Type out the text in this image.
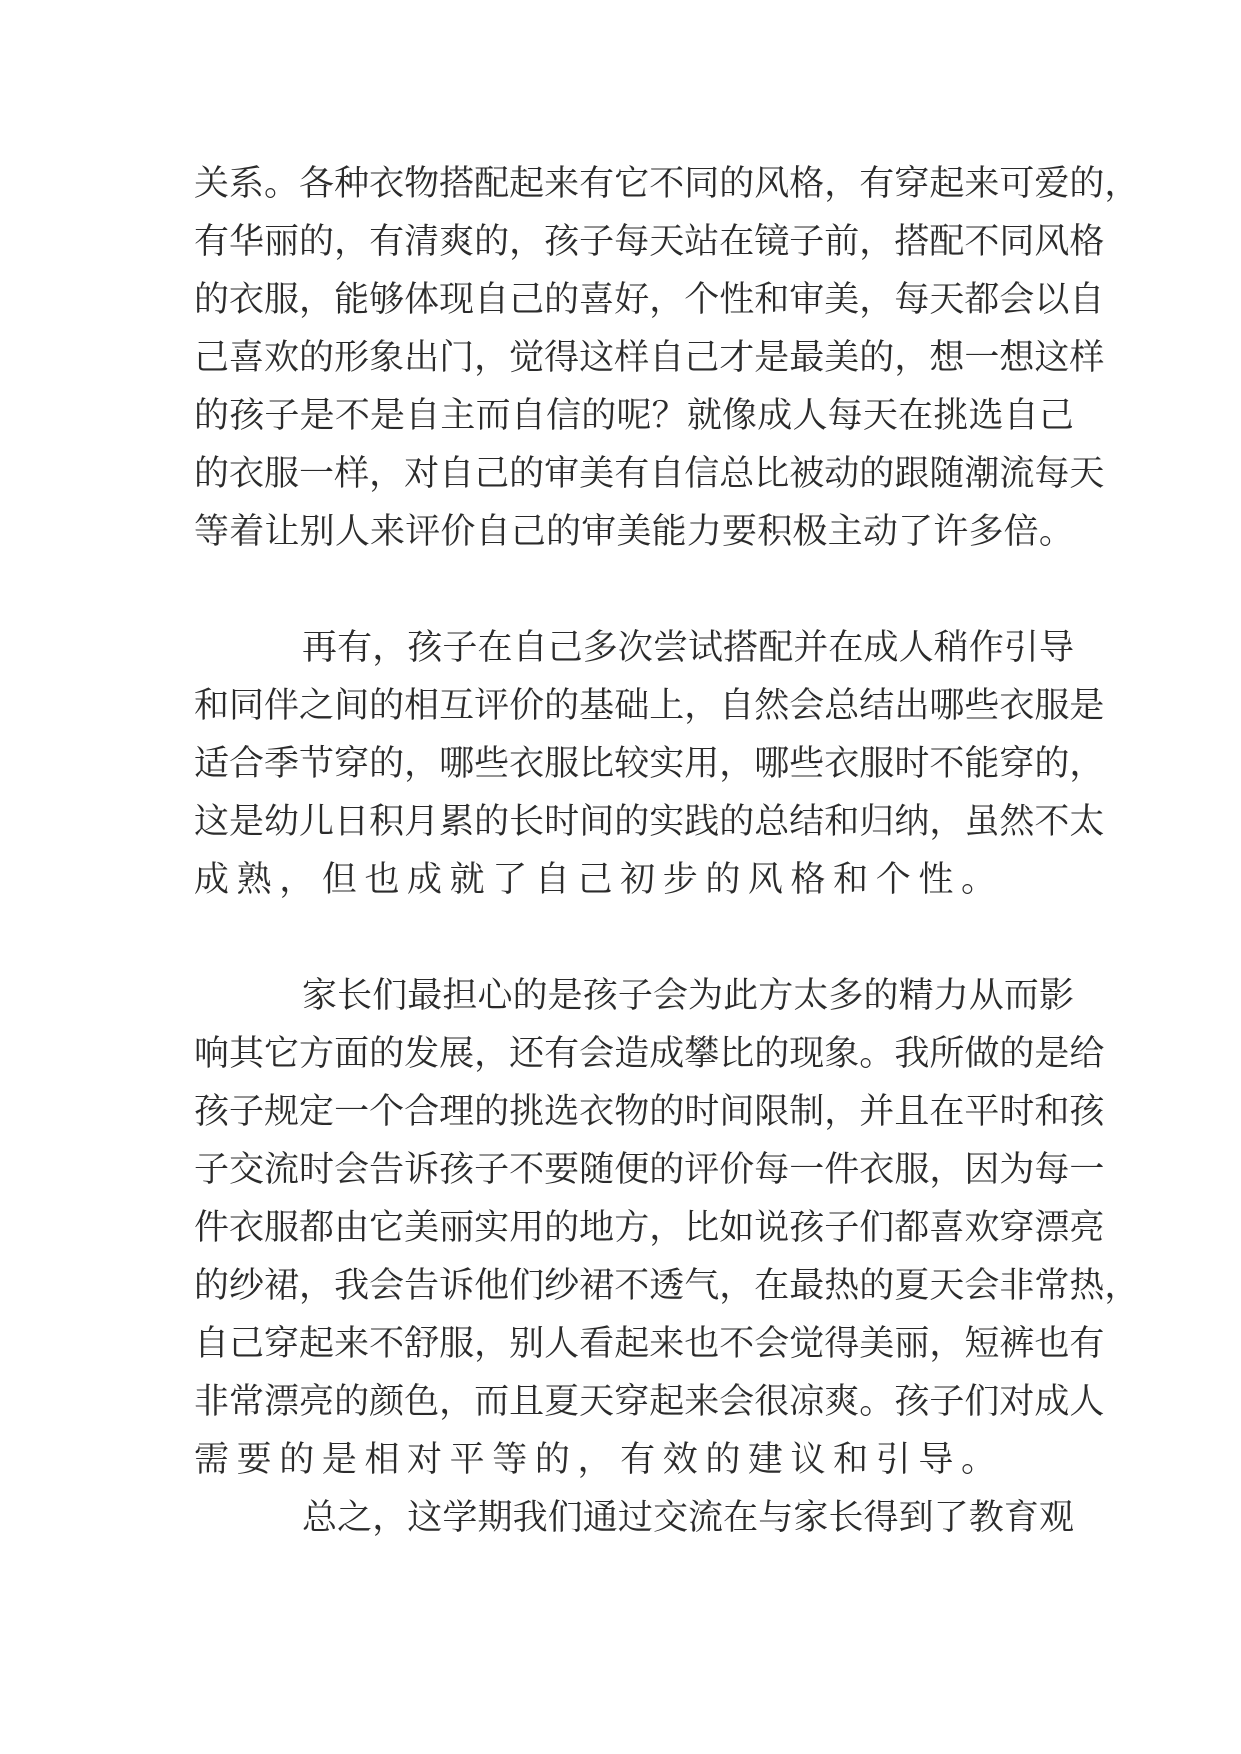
关 系 。 各 种 衣 物 搭 配 起 来 有 它 不 同 的 风 格 ， 有 穿 起 来 可 爱 的 ，
有 华 丽 的 ， 有 清 爽 的 ， 孩 子 每 天 站 在 镜 子 前 ， 搭 配 不 同 风 格
的 衣 服 ， 能 够 体 现 自 己 的 喜 好 ， 个 性 和 审 美 ， 每 天 都 会 以 自
己 喜 欢 的 形 象 出 门 ， 觉 得 这 样 自 己 才 是 最 美 的 ， 想 一 想 这 样
的 孩 子 是 不 是 自 主 而 自 信 的 呢 ？ 就 像 成 人 每 天 在 挑 选 自 己
的 衣 服 一 样 ， 对 自 己 的 审 美 有 自 信 总 比 被 动 的 跟 随 潮 流 每 天
等 着 让 别 人 来 评 价 自 己 的 审 美 能 力 要 积 极 主 动 了 许 多 倍 。
再 有 ， 孩 子 在 自 己 多 次 尝 试 搭 配 并 在 成 人 稍 作 引 导
和 同 伴 之 间 的 相 互 评 价 的 基 础 上 ， 自 然 会 总 结 出 哪 些 衣 服 是
适 合 季 节 穿 的 ， 哪 些 衣 服 比 较 实 用 ， 哪 些 衣 服 时 不 能 穿 的 ，
这 是 幼 儿 日 积 月 累 的 长 时 间 的 实 践 的 总 结 和 归 纳 ， 虽 然 不 太
成 熟 ， 但 也 成 就 了 自 己 初 步 的 风 格 和 个 性 。
家 长 们 最 担 心 的 是 孩 子 会 为 此 方 太 多 的 精 力 从 而 影
响 其 它 方 面 的 发 展 ， 还 有 会 造 成 攀 比 的 现 象 。 我 所 做 的 是 给
孩 子 规 定 一 个 合 理 的 挑 选 衣 物 的 时 间 限 制 ， 并 且 在 平 时 和 孩
子 交 流 时 会 告 诉 孩 子 不 要 随 便 的 评 价 每 一 件 衣 服 ， 因 为 每 一
件 衣 服 都 由 它 美 丽 实 用 的 地 方 ， 比 如 说 孩 子 们 都 喜 欢 穿 漂 亮
的 纱 裙 ， 我 会 告 诉 他 们 纱 裙 不 透 气 ， 在 最 热 的 夏 天 会 非 常 热 ，
自 己 穿 起 来 不 舒 服 ， 别 人 看 起 来 也 不 会 觉 得 美 丽 ， 短 裤 也 有
非 常 漂 亮 的 颜 色 ， 而 且 夏 天 穿 起 来 会 很 凉 爽 。 孩 子 们 对 成 人
需 要 的 是 相 对 平 等 的 ， 有 效 的 建 议 和 引 导 。
总 之 ， 这 学 期 我 们 通 过 交 流 在 与 家 长 得 到 了 教 育 观
